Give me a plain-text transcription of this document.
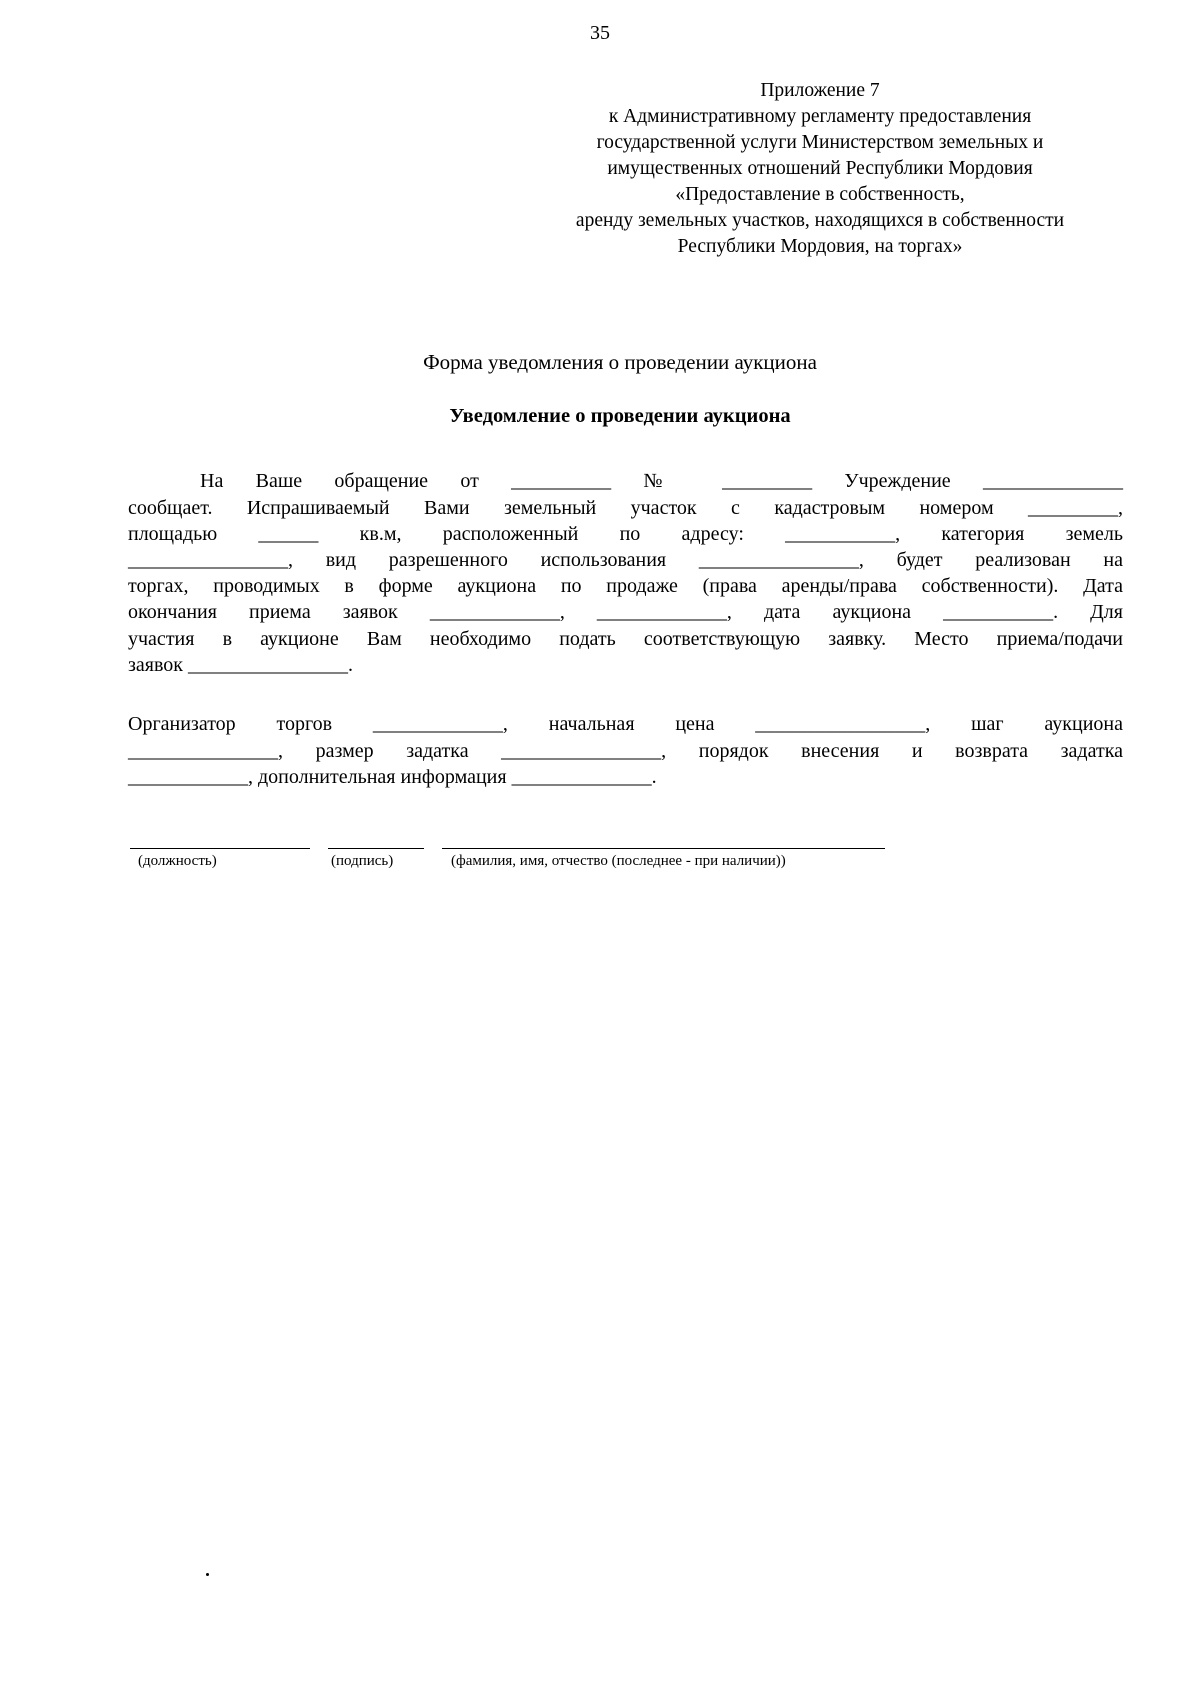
35
Приложение 7
к Административному регламенту предоставления
государственной услуги Министерством земельных и
имущественных отношений Республики Мордовия
«Предоставление в собственность,
аренду земельных участков, находящихся в собственности
Республики Мордовия, на торгах»
Форма уведомления о проведении аукциона
Уведомление о проведении аукциона
На Ваше обращение от __________ № _________ Учреждение ______________
сообщает. Испрашиваемый Вами земельный участок с кадастровым номером _________,
площадью ______ кв.м, расположенный по адресу: ___________, категория земель
________________, вид разрешенного использования ________________, будет реализован на
торгах, проводимых в форме аукциона по продаже (права аренды/права собственности). Дата
окончания приема заявок _____________, _____________, дата аукциона ___________. Для
участия в аукционе Вам необходимо подать соответствующую заявку. Место приема/подачи
заявок ________________.
Организатор торгов _____________, начальная цена _________________, шаг аукциона
_______________, размер задатка ________________, порядок внесения и возврата задатка
____________, дополнительная информация ______________.
(должность)	(подпись)	(фамилия, имя, отчество (последнее - при наличии))
